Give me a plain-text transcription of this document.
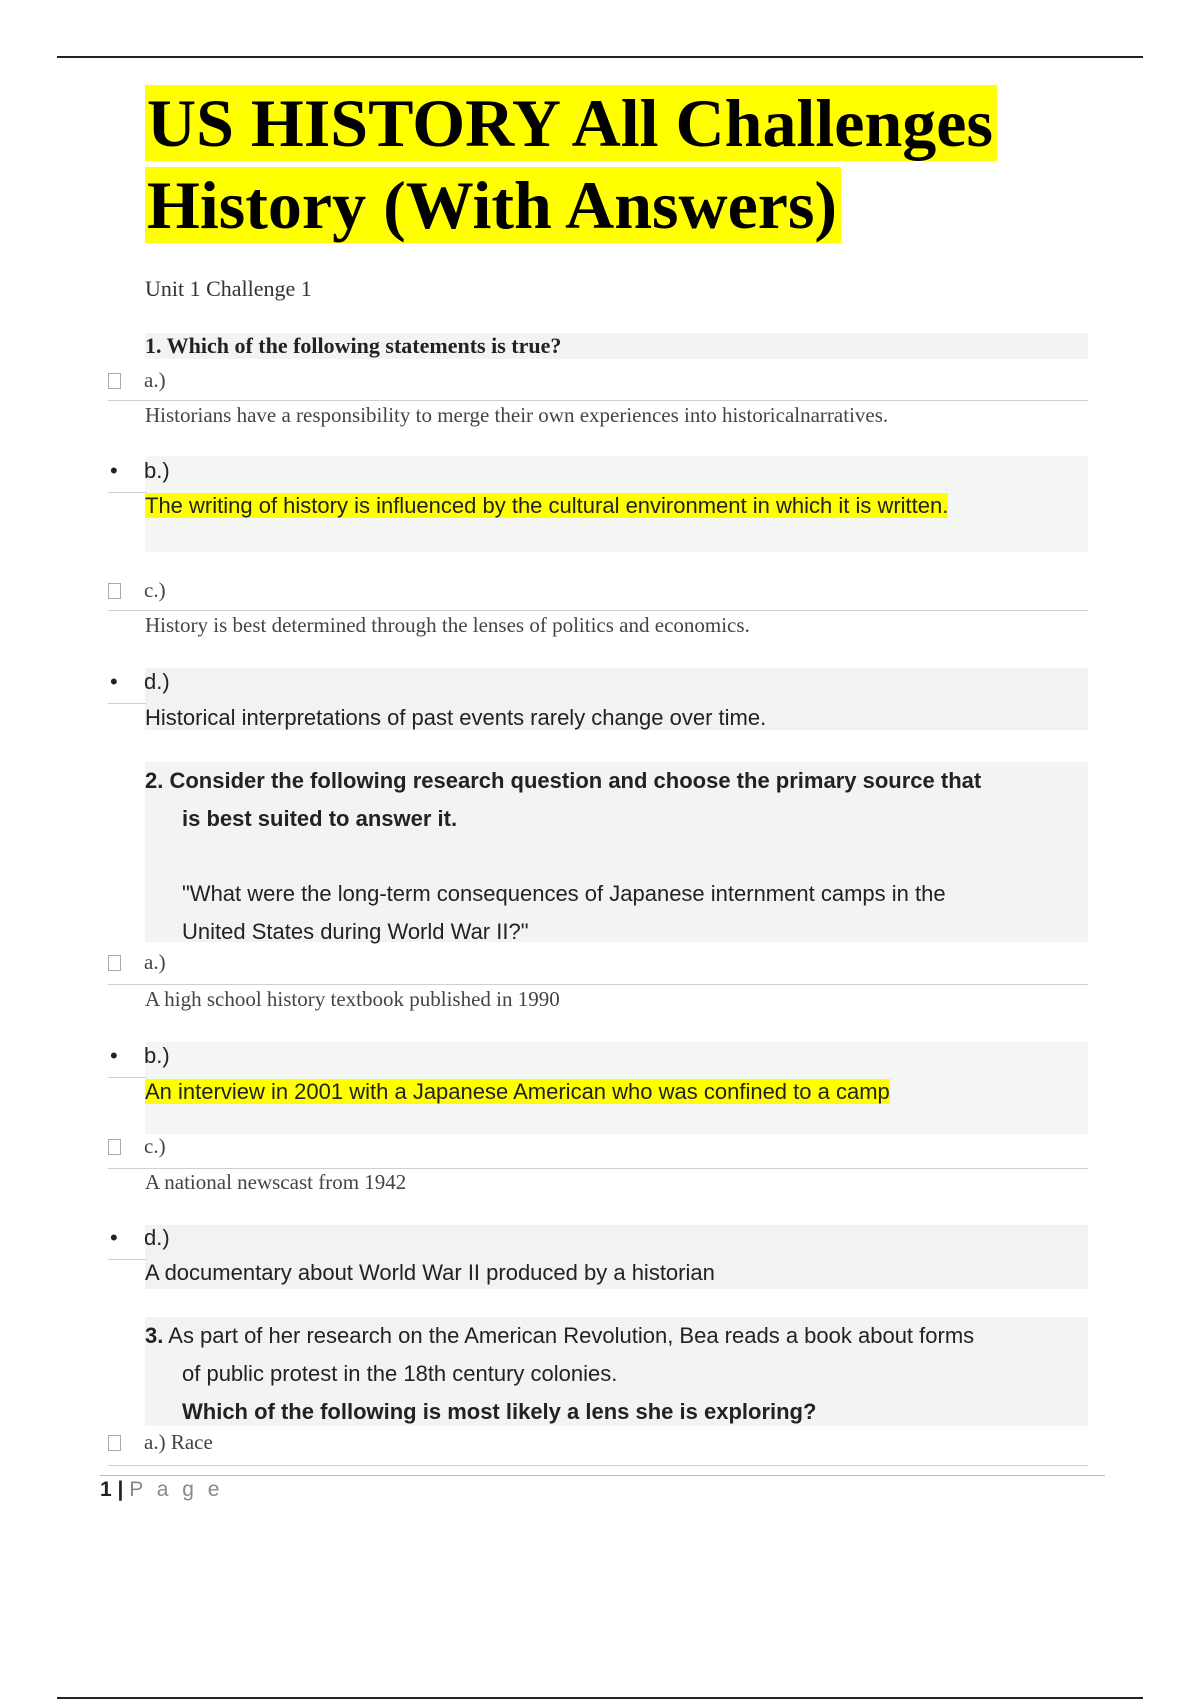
US HISTORY All Challenges
History (With Answers)
Unit 1 Challenge 1
1. Which of the following statements is true?
a.)
Historians have a responsibility to merge their own experiences into historicalnarratives.
• b.)
The writing of history is influenced by the cultural environment in which it is written.
c.)
History is best determined through the lenses of politics and economics.
• d.)
Historical interpretations of past events rarely change over time.
2. Consider the following research question and choose the primary source that
is best suited to answer it.
"What were the long-term consequences of Japanese internment camps in the
United States during World War II?"
a.)
A high school history textbook published in 1990
• b.)
An interview in 2001 with a Japanese American who was confined to a camp
c.)
A national newscast from 1942
• d.)
A documentary about World War II produced by a historian
3. As part of her research on the American Revolution, Bea reads a book about forms
of public protest in the 18th century colonies.
Which of the following is most likely a lens she is exploring?
a.) Race
1 | P a g e
